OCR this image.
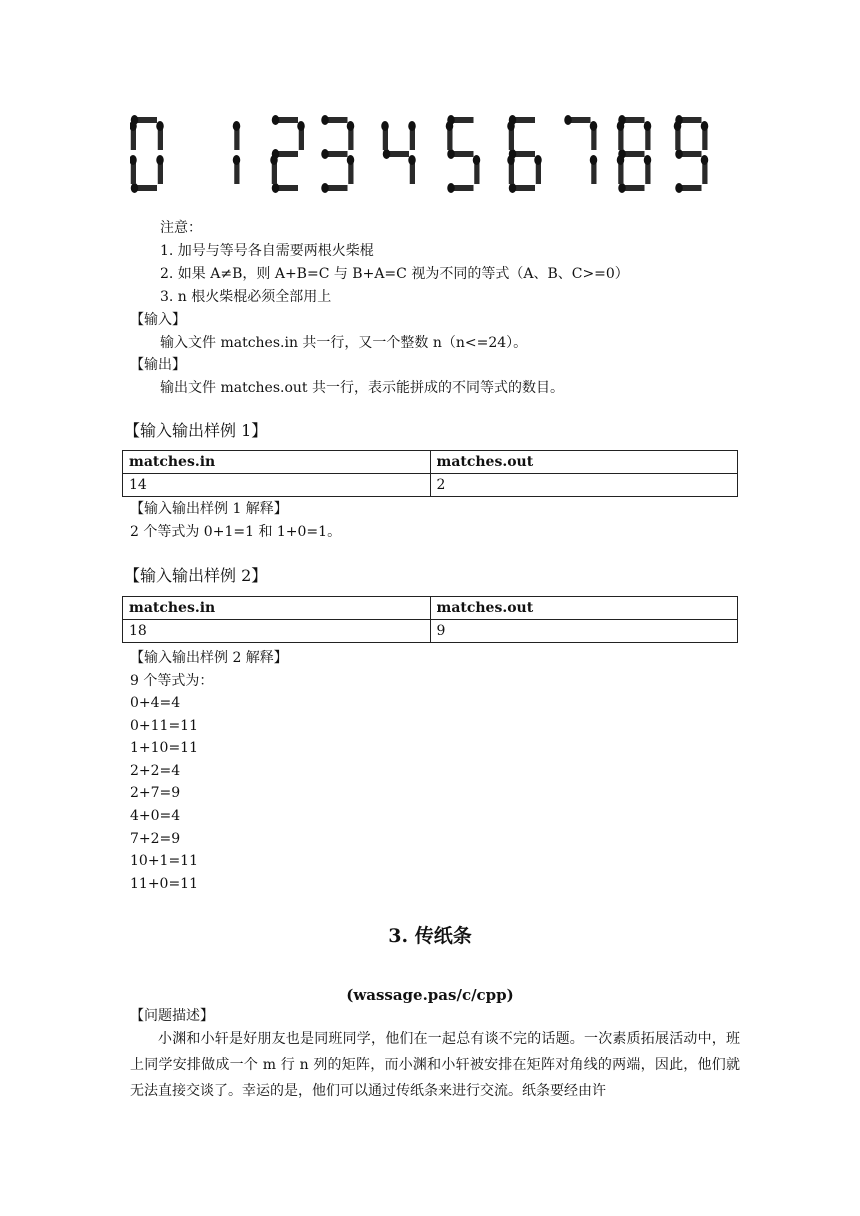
注意：
1. 加号与等号各自需要两根火柴棍
2. 如果 A≠B，则 A+B=C 与 B+A=C 视为不同的等式（A、B、C>=0）
3. n 根火柴棍必须全部用上
【输入】
输入文件 matches.in 共一行，又一个整数 n（n<=24）。
【输出】
输出文件 matches.out 共一行，表示能拼成的不同等式的数目。
【输入输出样例 1】
matches.in	matches.out
14	2
【输入输出样例 1 解释】
2 个等式为 0+1=1 和 1+0=1。
【输入输出样例 2】
matches.in	matches.out
18	9
【输入输出样例 2 解释】
9 个等式为：
0+4=4
0+11=11
1+10=11
2+2=4
2+7=9
4+0=4
7+2=9
10+1=11
11+0=11
3. 传纸条
(wassage.pas/c/cpp)
【问题描述】
小渊和小轩是好朋友也是同班同学，他们在一起总有谈不完的话题。一次素质拓展活动中，班上同学安排做成一个 m 行 n 列的矩阵，而小渊和小轩被安排在矩阵对角线的两端，因此，他们就无法直接交谈了。幸运的是，他们可以通过传纸条来进行交流。纸条要经由许
